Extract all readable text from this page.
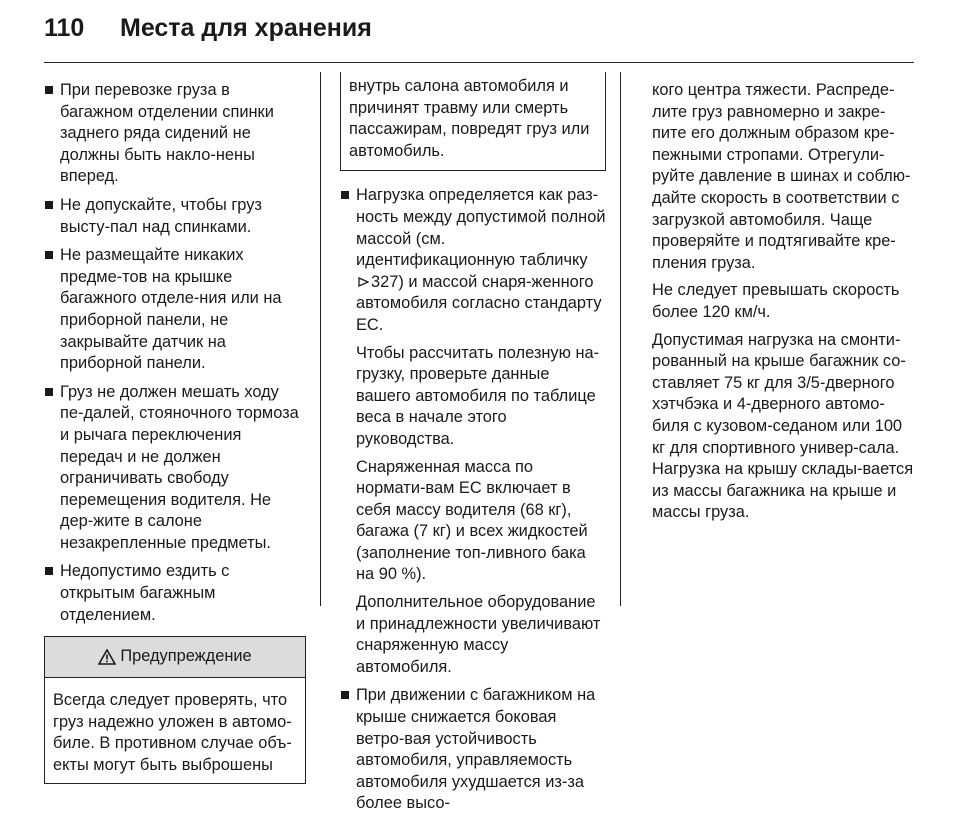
110 Места для хранения
При перевозке груза в багажном отделении спинки заднего ряда сидений не должны быть накло-нены вперед.
Не допускайте, чтобы груз высту-пал над спинками.
Не размещайте никаких предме-тов на крышке багажного отделе-ния или на приборной панели, не закрывайте датчик на приборной панели.
Груз не должен мешать ходу пе-далей, стояночного тормоза и рычага переключения передач и не должен ограничивать свободу перемещения водителя. Не дер-жите в салоне незакрепленные предметы.
Недопустимо ездить с открытым багажным отделением.
Предупреждение
Всегда следует проверять, что груз надежно уложен в автомо-биле. В противном случае объ-екты могут быть выброшены
внутрь салона автомобиля и причинят травму или смерть пассажирам, повредят груз или автомобиль.
Нагрузка определяется как раз-ность между допустимой полной массой (см. идентификационную табличку 327) и массой снаря-женного автомобиля согласно стандарту ЕС.
Чтобы рассчитать полезную на-грузку, проверьте данные вашего автомобиля по таблице веса в начале этого руководства.
Снаряженная масса по нормати-вам ЕС включает в себя массу водителя (68 кг), багажа (7 кг) и всех жидкостей (заполнение топ-ливного бака на 90 %).
Дополнительное оборудование и принадлежности увеличивают снаряженную массу автомобиля.
При движении с багажником на крыше снижается боковая ветро-вая устойчивость автомобиля, управляемость автомобиля ухудшается из-за более высо-
кого центра тяжести. Распреде-лите груз равномерно и закре-пите его должным образом кре-пежными стропами. Отрегули-руйте давление в шинах и соблю-дайте скорость в соответствии с загрузкой автомобиля. Чаще проверяйте и подтягивайте кре-пления груза.
Не следует превышать скорость более 120 км/ч.
Допустимая нагрузка на смонти-рованный на крыше багажник со-ставляет 75 кг для 3/5-дверного хэтчбэка и 4-дверного автомо-биля с кузовом-седаном или 100 кг для спортивного универ-сала. Нагрузка на крышу склады-вается из массы багажника на крыше и массы груза.
